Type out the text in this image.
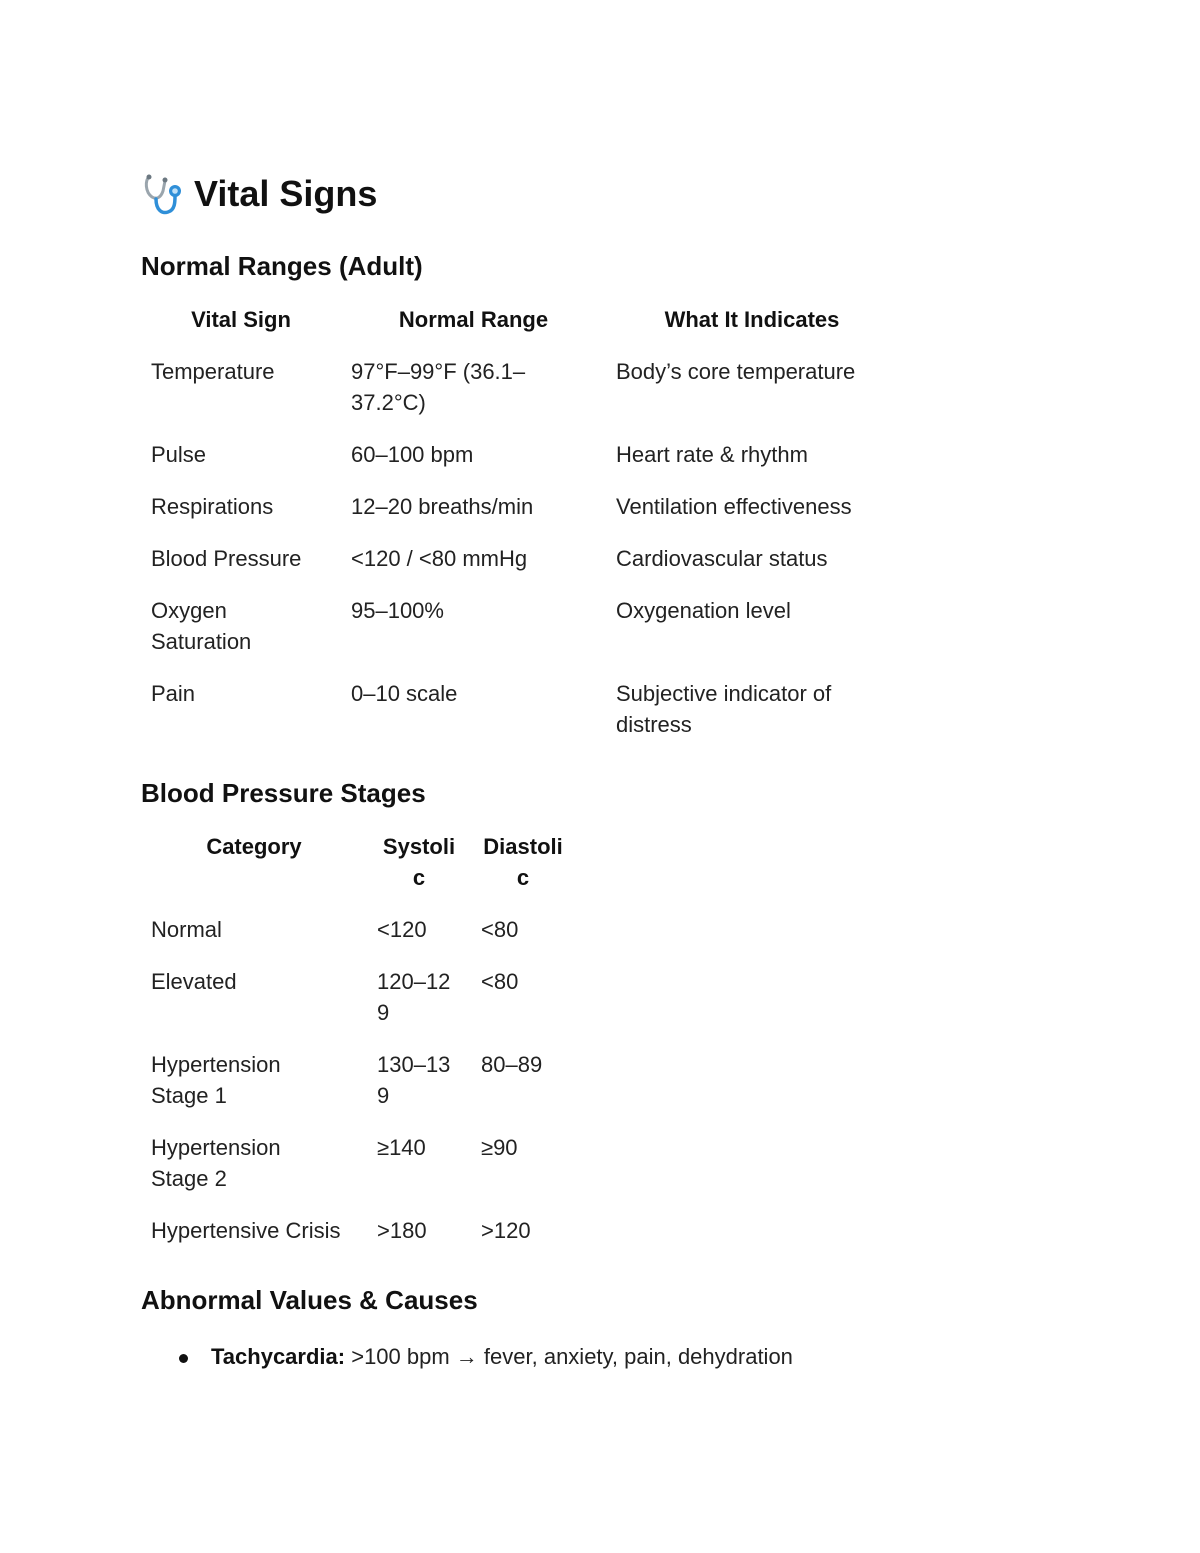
Vital Signs
Normal Ranges (Adult)
Vital Sign	Normal Range	What It Indicates
Temperature	97°F–99°F (36.1–37.2°C)	Body’s core temperature
Pulse	60–100 bpm	Heart rate & rhythm
Respirations	12–20 breaths/min	Ventilation effectiveness
Blood Pressure	<120 / <80 mmHg	Cardiovascular status
Oxygen Saturation	95–100%	Oxygenation level
Pain	0–10 scale	Subjective indicator of distress
Blood Pressure Stages
Category	Systolic	Diastolic
Normal	<120	<80
Elevated	120–129	<80
Hypertension Stage 1	130–139	80–89
Hypertension Stage 2	≥140	≥90
Hypertensive Crisis	>180	>120
Abnormal Values & Causes
Tachycardia: >100 bpm → fever, anxiety, pain, dehydration
